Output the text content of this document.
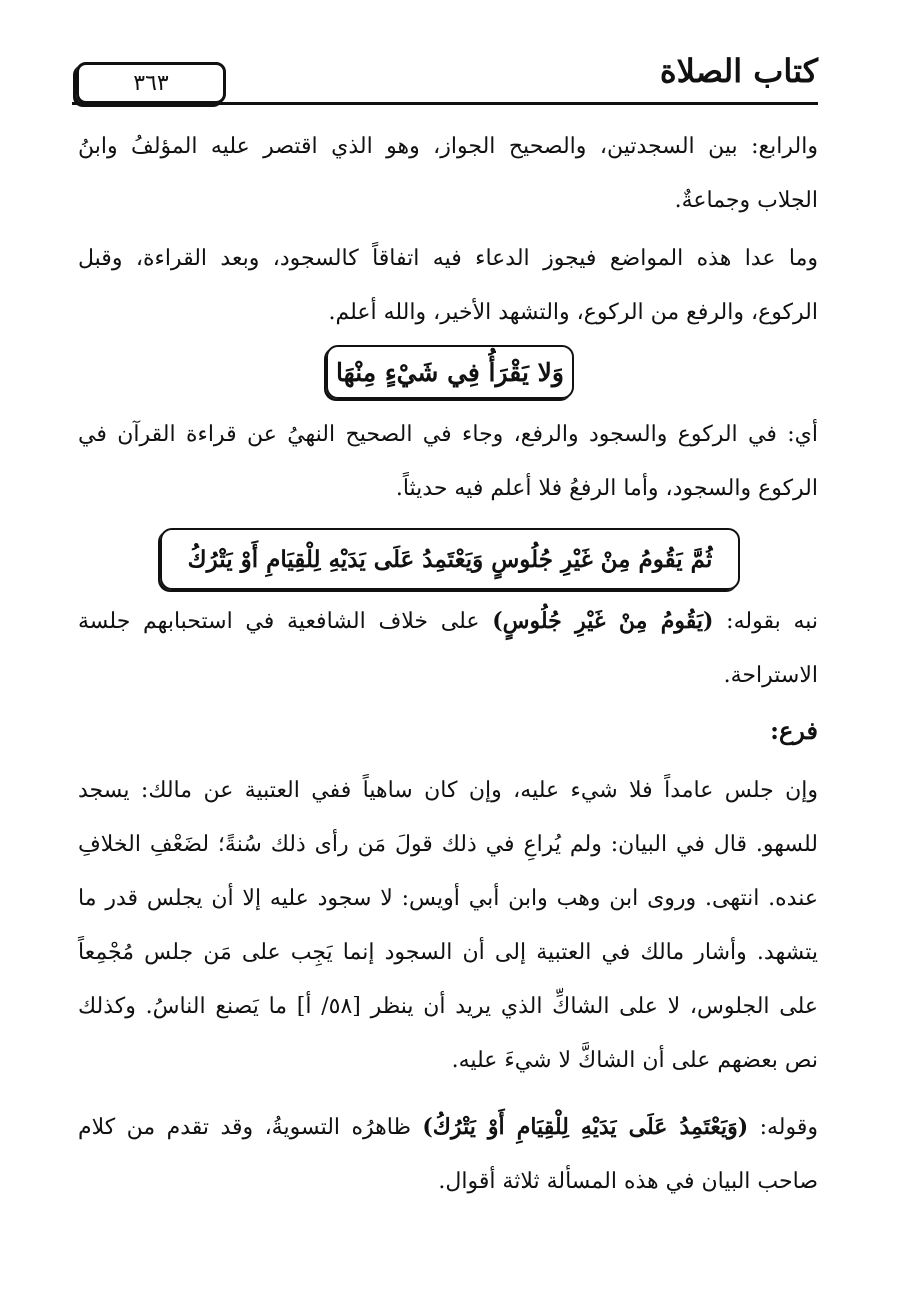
٣٦٣	كتاب الصلاة

والرابع: بين السجدتين، والصحيح الجواز، وهو الذي اقتصر عليه المؤلفُ وابنُ الجلاب وجماعةٌ.

وما عدا هذه المواضع فيجوز الدعاء فيه اتفاقاً كالسجود، وبعد القراءة، وقبل الركوع، والرفع من الركوع، والتشهد الأخير، والله أعلم.

وَلا يَقْرَأُ فِي شَيْءٍ مِنْهَا

أي: في الركوع والسجود والرفع، وجاء في الصحيح النهيُ عن قراءة القرآن في الركوع والسجود، وأما الرفعُ فلا أعلم فيه حديثاً.

ثُمَّ يَقُومُ مِنْ غَيْرِ جُلُوسٍ وَيَعْتَمِدُ عَلَى يَدَيْهِ لِلْقِيَامِ أَوْ يَتْرُكُ

نبه بقوله: (يَقُومُ مِنْ غَيْرِ جُلُوسٍ) على خلاف الشافعية في استحبابهم جلسة الاستراحة.

فرع:

وإن جلس عامداً فلا شيء عليه، وإن كان ساهياً ففي العتبية عن مالك: يسجد للسهو. قال في البيان: ولم يُراعِ في ذلك قولَ مَن رأى ذلك سُنةً؛ لضَعْفِ الخلافِ عنده. انتهى. وروى ابن وهب وابن أبي أويس: لا سجود عليه إلا أن يجلس قدر ما يتشهد. وأشار مالك في العتبية إلى أن السجود إنما يَجِب على مَن جلس مُجْمِعاً على الجلوس، لا على الشاكِّ الذي يريد أن ينظر [٥٨/ أ] ما يَصنع الناسُ. وكذلك نص بعضهم على أن الشاكَّ لا شيءَ عليه.

وقوله: (وَيَعْتَمِدُ عَلَى يَدَيْهِ لِلْقِيَامِ أَوْ يَتْرُكُ) ظاهرُه التسويةُ، وقد تقدم من كلام صاحب البيان في هذه المسألة ثلاثة أقوال.
